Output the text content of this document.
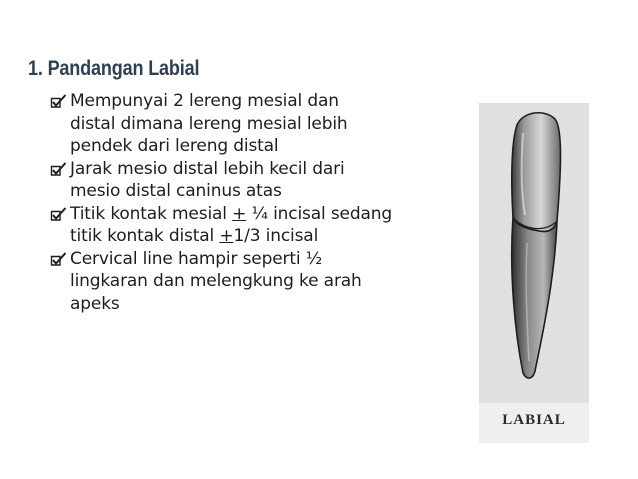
1. Pandangan Labial
Mempunyai 2 lereng mesial dan
distal dimana lereng mesial lebih
pendek dari lereng distal
Jarak mesio distal lebih kecil dari
mesio distal caninus atas
Titik kontak mesial + ¼ incisal sedang
titik kontak distal +1/3 incisal
Cervical line hampir seperti ½
lingkaran dan melengkung ke arah
apeks
LABIAL
